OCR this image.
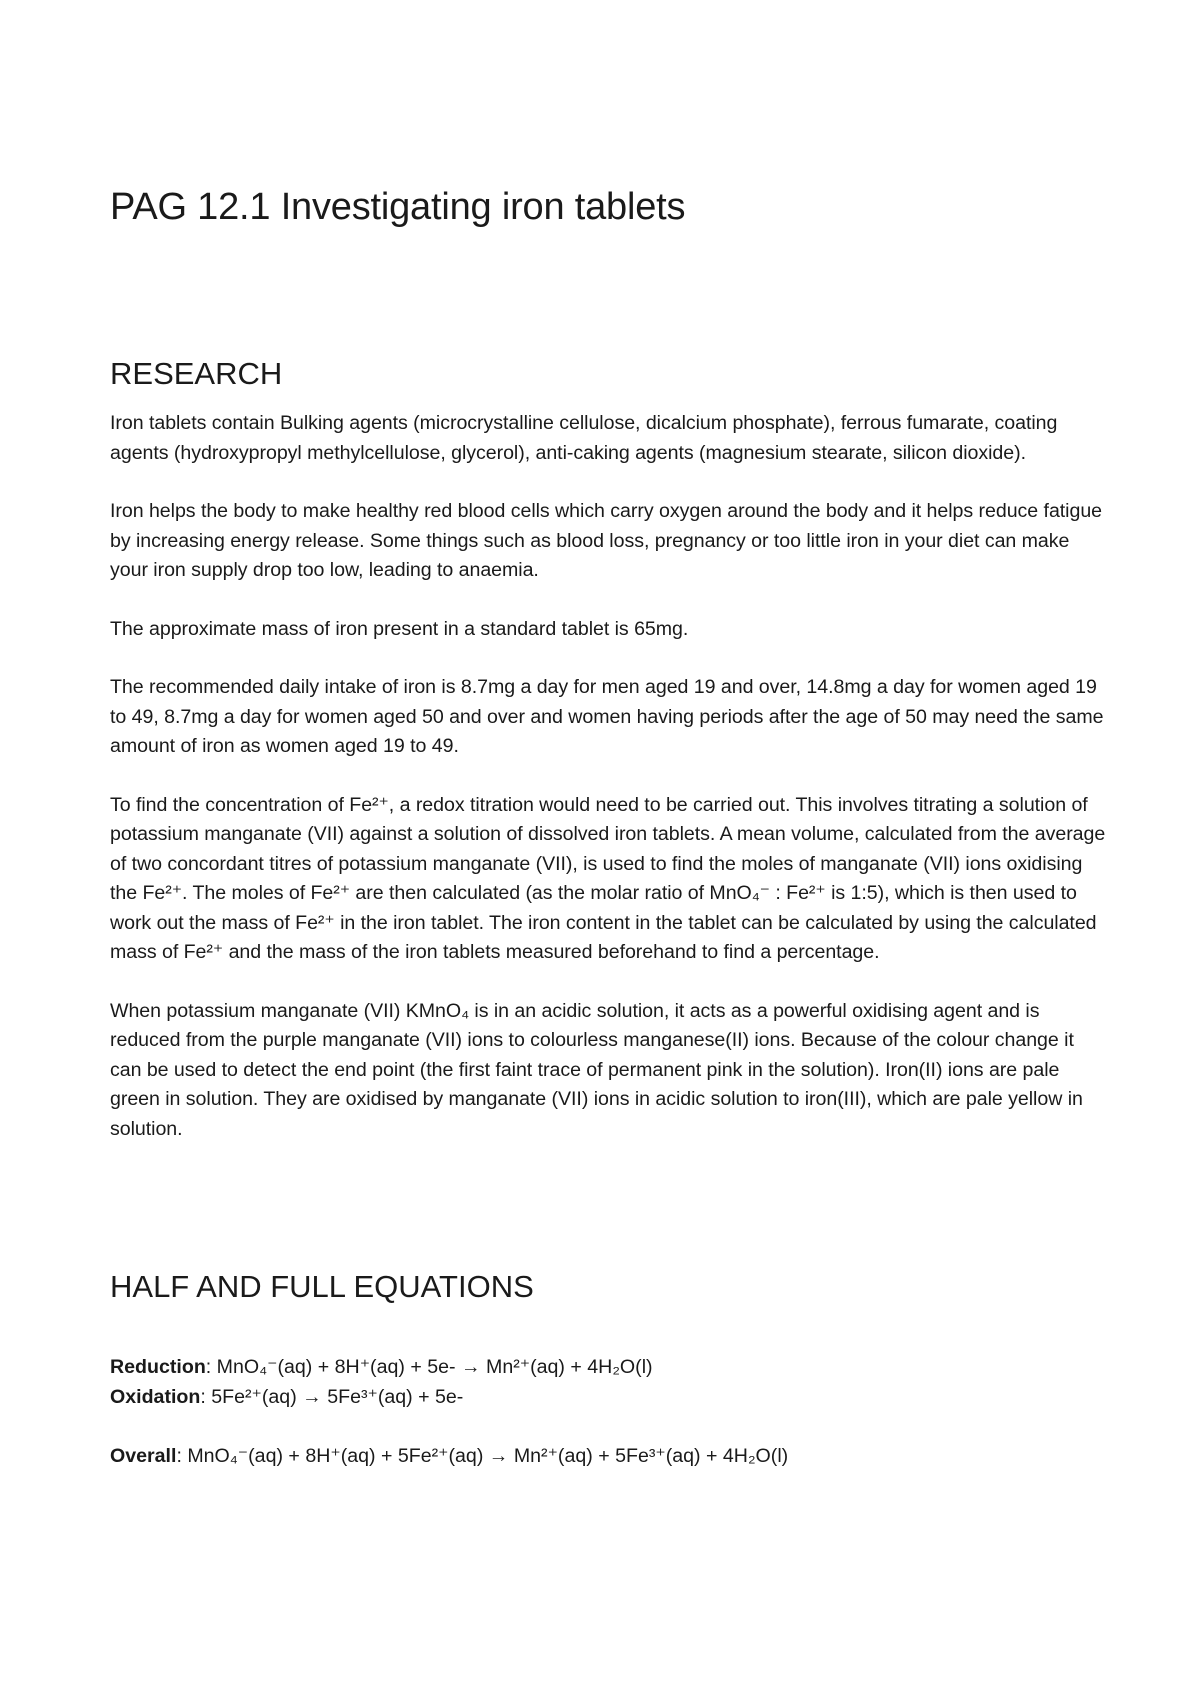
PAG 12.1 Investigating iron tablets
RESEARCH

Iron tablets contain Bulking agents (microcrystalline cellulose, dicalcium phosphate), ferrous fumarate, coating agents (hydroxypropyl methylcellulose, glycerol), anti-caking agents (magnesium stearate, silicon dioxide).

Iron helps the body to make healthy red blood cells which carry oxygen around the body and it helps reduce fatigue by increasing energy release. Some things such as blood loss, pregnancy or too little iron in your diet can make your iron supply drop too low, leading to anaemia.

The approximate mass of iron present in a standard tablet is 65mg.

The recommended daily intake of iron is 8.7mg a day for men aged 19 and over, 14.8mg a day for women aged 19 to 49, 8.7mg a day for women aged 50 and over and women having periods after the age of 50 may need the same amount of iron as women aged 19 to 49.

To find the concentration of Fe²⁺, a redox titration would need to be carried out. This involves titrating a solution of potassium manganate (VII) against a solution of dissolved iron tablets. A mean volume, calculated from the average of two concordant titres of potassium manganate (VII), is used to find the moles of manganate (VII) ions oxidising the Fe²⁺. The moles of Fe²⁺ are then calculated (as the molar ratio of MnO₄⁻ : Fe²⁺ is 1:5), which is then used to work out the mass of Fe²⁺ in the iron tablet. The iron content in the tablet can be calculated by using the calculated mass of Fe²⁺ and the mass of the iron tablets measured beforehand to find a percentage.

When potassium manganate (VII) KMnO₄ is in an acidic solution, it acts as a powerful oxidising agent and is reduced from the purple manganate (VII) ions to colourless manganese(II) ions. Because of the colour change it can be used to detect the end point (the first faint trace of permanent pink in the solution). Iron(II) ions are pale green in solution. They are oxidised by manganate (VII) ions in acidic solution to iron(III), which are pale yellow in solution.

HALF AND FULL EQUATIONS

Reduction: MnO₄⁻(aq) + 8H⁺(aq) + 5e- → Mn²⁺(aq) + 4H₂O(l)

Oxidation: 5Fe²⁺(aq) → 5Fe³⁺(aq) + 5e-

Overall: MnO₄⁻(aq) + 8H⁺(aq) + 5Fe²⁺(aq) → Mn²⁺(aq) + 5Fe³⁺(aq) + 4H₂O(l)
